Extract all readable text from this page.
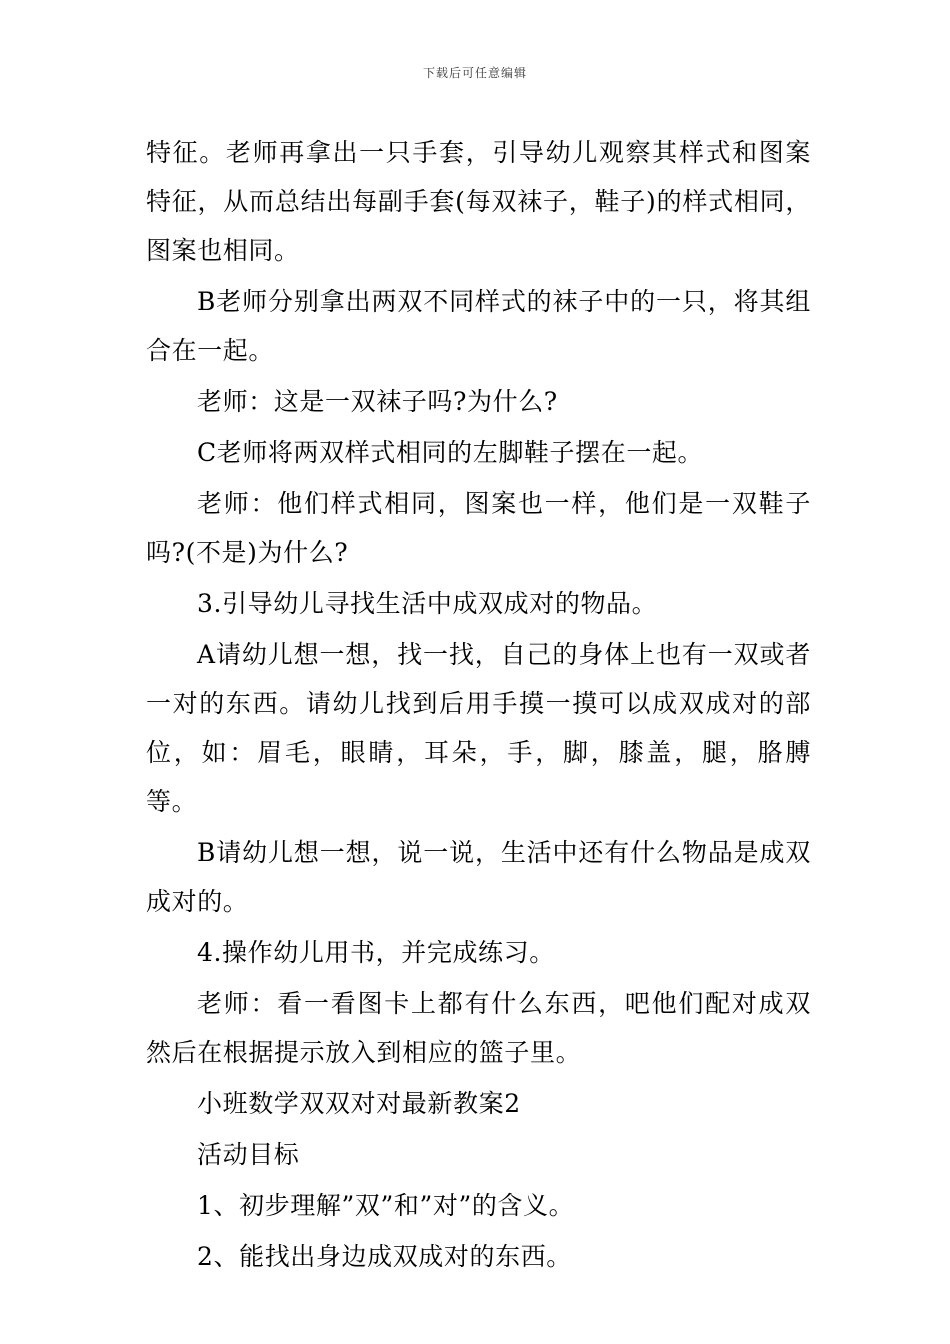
下载后可任意编辑

特征。老师再拿出一只手套，引导幼儿观察其样式和图案特征，从而总结出每副手套(每双袜子，鞋子)的样式相同，图案也相同。

B老师分别拿出两双不同样式的袜子中的一只，将其组合在一起。

老师：这是一双袜子吗?为什么?

C老师将两双样式相同的左脚鞋子摆在一起。

老师：他们样式相同，图案也一样，他们是一双鞋子吗?(不是)为什么?

3.引导幼儿寻找生活中成双成对的物品。

A请幼儿想一想，找一找，自己的身体上也有一双或者一对的东西。请幼儿找到后用手摸一摸可以成双成对的部位，如：眉毛，眼睛，耳朵，手，脚，膝盖，腿，胳膊等。

B请幼儿想一想，说一说，生活中还有什么物品是成双成对的。

4.操作幼儿用书，并完成练习。

老师：看一看图卡上都有什么东西，吧他们配对成双然后在根据提示放入到相应的篮子里。

小班数学双双对对最新教案2

活动目标

1、初步理解”双”和”对”的含义。

2、能找出身边成双成对的东西。
